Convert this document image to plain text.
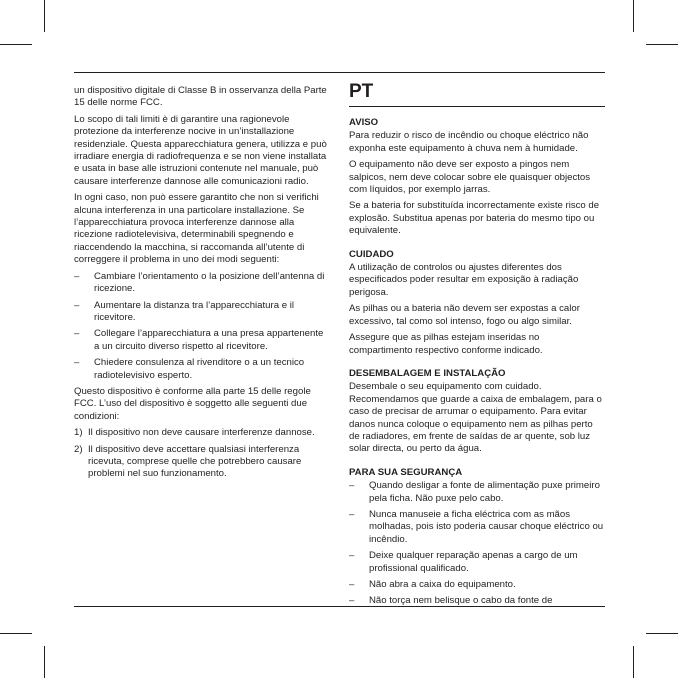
un dispositivo digitale di Classe B in osservanza della Parte 15 delle norme FCC.

Lo scopo di tali limiti è di garantire una ragionevole protezione da interferenze nocive in un’installazione residenziale. Questa apparecchiatura genera, utilizza e può irradiare energia di radiofrequenza e se non viene installata e usata in base alle istruzioni contenute nel manuale, può causare interferenze dannose alle comunicazioni radio.

In ogni caso, non può essere garantito che non si verifichi alcuna interferenza in una particolare installazione. Se l’apparecchiatura provoca interferenze dannose alla ricezione radiotelevisiva, determinabili spegnendo e riaccendendo la macchina, si raccomanda all’utente di correggere il problema in uno dei modi seguenti:

– Cambiare l’orientamento o la posizione dell’antenna di ricezione.
– Aumentare la distanza tra l’apparecchiatura e il ricevitore.
– Collegare l’apparecchiatura a una presa appartenente a un circuito diverso rispetto al ricevitore.
– Chiedere consulenza al rivenditore o a un tecnico radiotelevisivo esperto.

Questo dispositivo è conforme alla parte 15 delle regole FCC. L’uso del dispositivo è soggetto alle seguenti due condizioni:

1) Il dispositivo non deve causare interferenze dannose.
2) Il dispositivo deve accettare qualsiasi interferenza ricevuta, comprese quelle che potrebbero causare problemi nel suo funzionamento.
PT
AVISO

Para reduzir o risco de incêndio ou choque eléctrico não exponha este equipamento à chuva nem à humidade.

O equipamento não deve ser exposto a pingos nem salpicos, nem deve colocar sobre ele quaisquer objectos com líquidos, por exemplo jarras.

Se a bateria for substituída incorrectamente existe risco de explosão. Substitua apenas por bateria do mesmo tipo ou equivalente.

CUIDADO

A utilização de controlos ou ajustes diferentes dos especificados poder resultar em exposição à radiação perigosa.

As pilhas ou a bateria não devem ser expostas a calor excessivo, tal como sol intenso, fogo ou algo similar.

Assegure que as pilhas estejam inseridas no compartimento respectivo conforme indicado.

DESEMBALAGEM E INSTALAÇÃO

Desembale o seu equipamento com cuidado. Recomendamos que guarde a caixa de embalagem, para o caso de precisar de arrumar o equipamento. Para evitar danos nunca coloque o equipamento nem as pilhas perto de radiadores, em frente de saídas de ar quente, sob luz solar directa, ou perto da água.

PARA SUA SEGURANÇA
– Quando desligar a fonte de alimentação puxe primeiro pela ficha. Não puxe pelo cabo.
– Nunca manuseie a ficha eléctrica com as mãos molhadas, pois isto poderia causar choque eléctrico ou incêndio.
– Deixe qualquer reparação apenas a cargo de um profissional qualificado.
– Não abra a caixa do equipamento.
– Não torça nem belisque o cabo da fonte de
